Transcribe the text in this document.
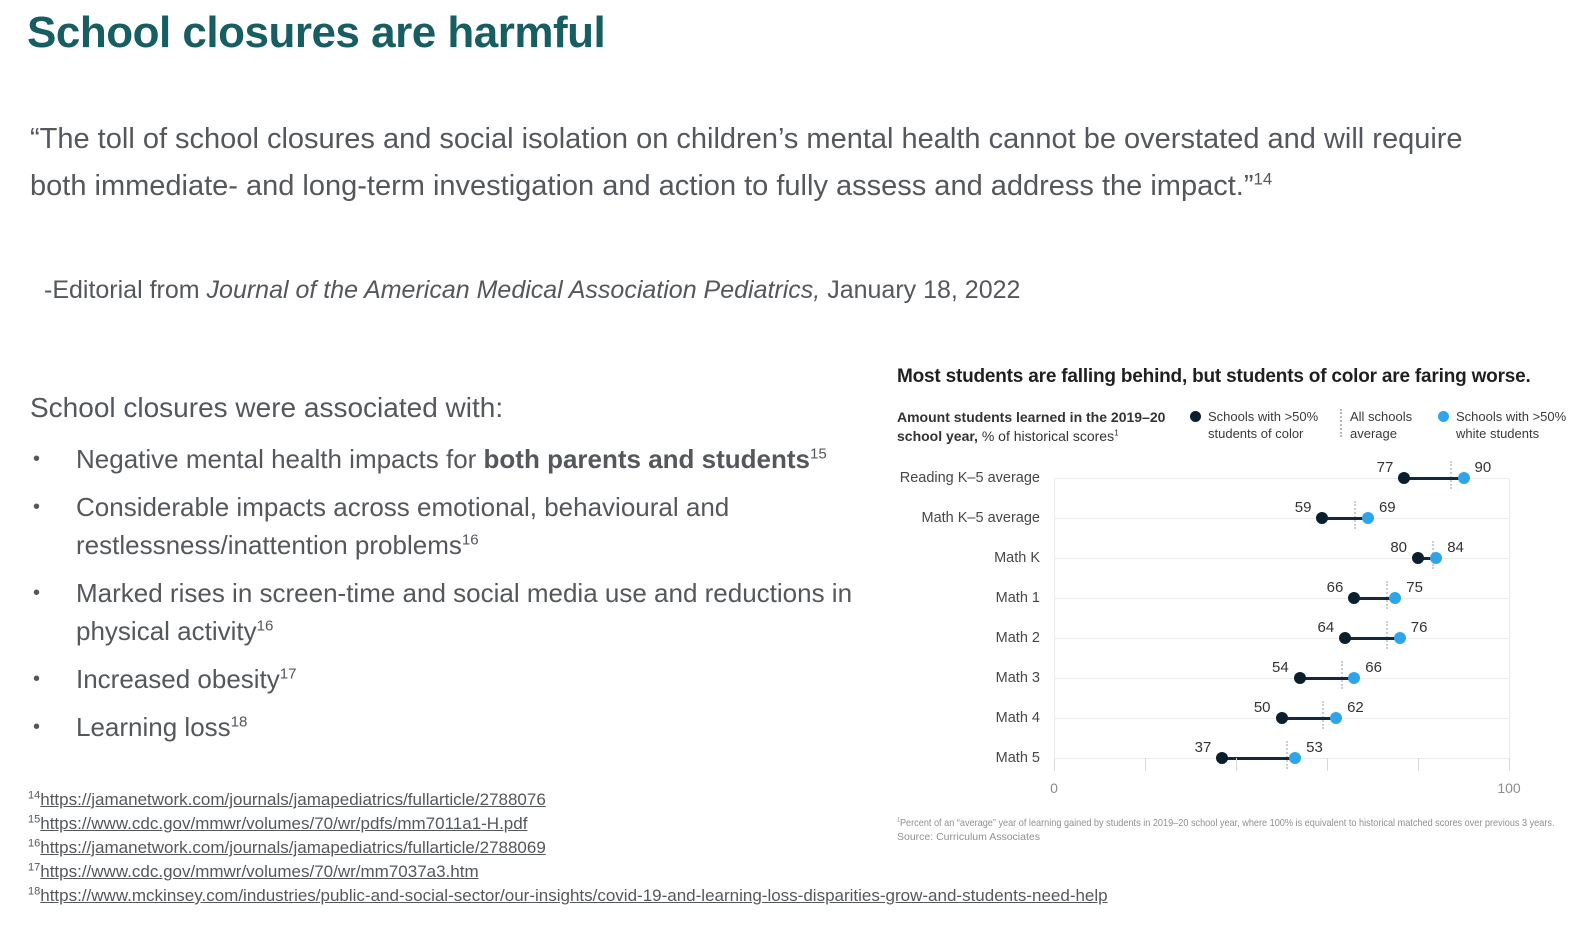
School closures are harmful

“The toll of school closures and social isolation on children’s mental health cannot be overstated and will require both immediate- and long-term investigation and action to fully assess and address the impact.”$^{14}$

-Editorial from Journal of the American Medical Association Pediatrics, January 18, 2022

School closures were associated with:

• Negative mental health impacts for both parents and students$^{15}$
• Considerable impacts across emotional, behavioural and restlessness/inattention problems$^{16}$
• Marked rises in screen-time and social media use and reductions in physical activity$^{16}$
• Increased obesity$^{17}$
• Learning loss$^{18}$
$^{14}$https://jamanetwork.com/journals/jamapediatrics/fullarticle/2788076
$^{15}$https://www.cdc.gov/mmwr/volumes/70/wr/pdfs/mm7011a1-H.pdf
$^{16}$https://jamanetwork.com/journals/jamapediatrics/fullarticle/2788069
$^{17}$https://www.cdc.gov/mmwr/volumes/70/wr/mm7037a3.htm
$^{18}$https://www.mckinsey.com/industries/public-and-social-sector/our-insights/covid-19-and-learning-loss-disparities-grow-and-students-need-help
Most students are falling behind, but students of color are faring worse.
Amount students learned in the 2019–20 school year, % of historical scores$^1$
Schools with >50% students of color
All schools average
Schools with >50% white students
Reading K–5 average
77	90
Math K–5 average
59	69
Math K
80	84
Math 1
66	75
Math 2
64	76
Math 3
54	66
Math 4
50	62
Math 5
37	53
0	100
$^1$Percent of an “average” year of learning gained by students in 2019–20 school year, where 100% is equivalent to historical matched scores over previous 3 years.
Source: Curriculum Associates
